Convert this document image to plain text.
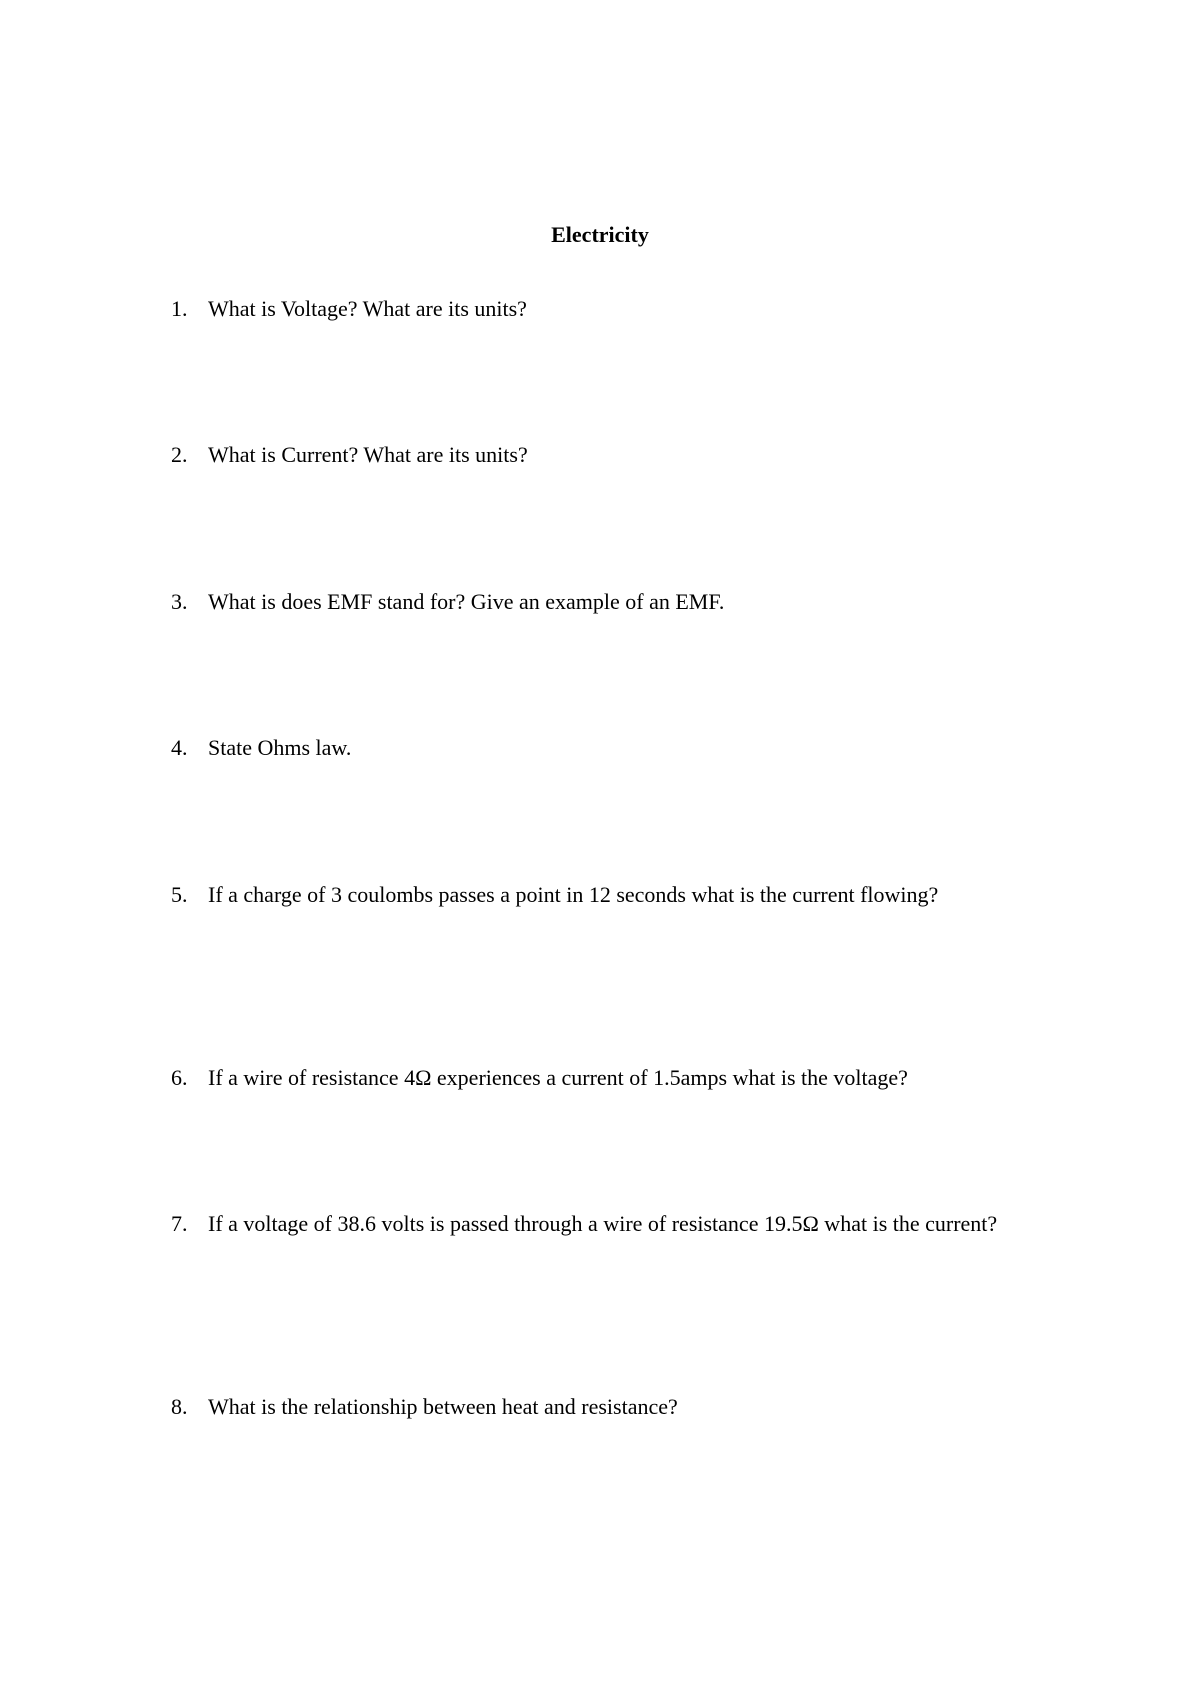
Electricity
1. What is Voltage? What are its units?
2. What is Current? What are its units?
3. What is does EMF stand for? Give an example of an EMF.
4. State Ohms law.
5. If a charge of 3 coulombs passes a point in 12 seconds what is the current flowing?
6. If a wire of resistance 4Ω experiences a current of 1.5amps what is the voltage?
7. If a voltage of 38.6 volts is passed through a wire of resistance 19.5Ω what is the current?
8. What is the relationship between heat and resistance?
